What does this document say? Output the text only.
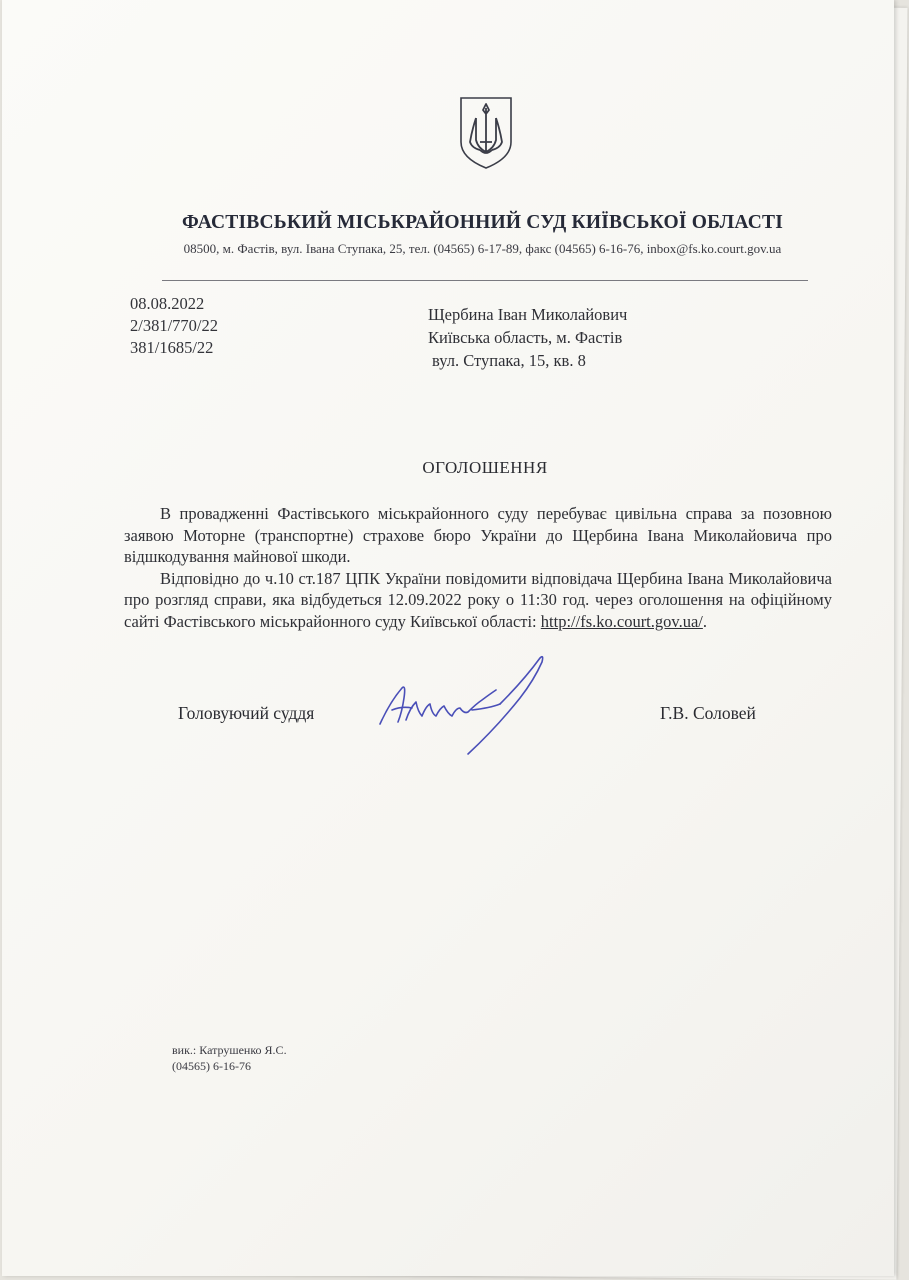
ФАСТІВСЬКИЙ МІСЬКРАЙОННИЙ СУД КИЇВСЬКОЇ ОБЛАСТІ
08500, м. Фастів, вул. Івана Ступака, 25, тел. (04565) 6-17-89, факс (04565) 6-16-76, inbox@fs.ko.court.gov.ua
08.08.2022
2/381/770/22
381/1685/22
Щербина Іван Миколайович
Київська область, м. Фастів
вул. Ступака, 15, кв. 8
ОГОЛОШЕННЯ

В провадженні Фастівського міськрайонного суду перебуває цивільна справа за позовною заявою Моторне (транспортне) страхове бюро України до Щербина Івана Миколайовича про відшкодування майнової шкоди.

Відповідно до ч.10 ст.187 ЦПК України повідомити відповідача Щербина Івана Миколайовича про розгляд справи, яка відбудеться 12.09.2022 року о 11:30 год. через оголошення на офіційному сайті Фастівського міськрайонного суду Київської області: http://fs.ko.court.gov.ua/.

Головуючий суддя	Г.В. Соловей
вик.: Катрушенко Я.С.
(04565) 6-16-76
